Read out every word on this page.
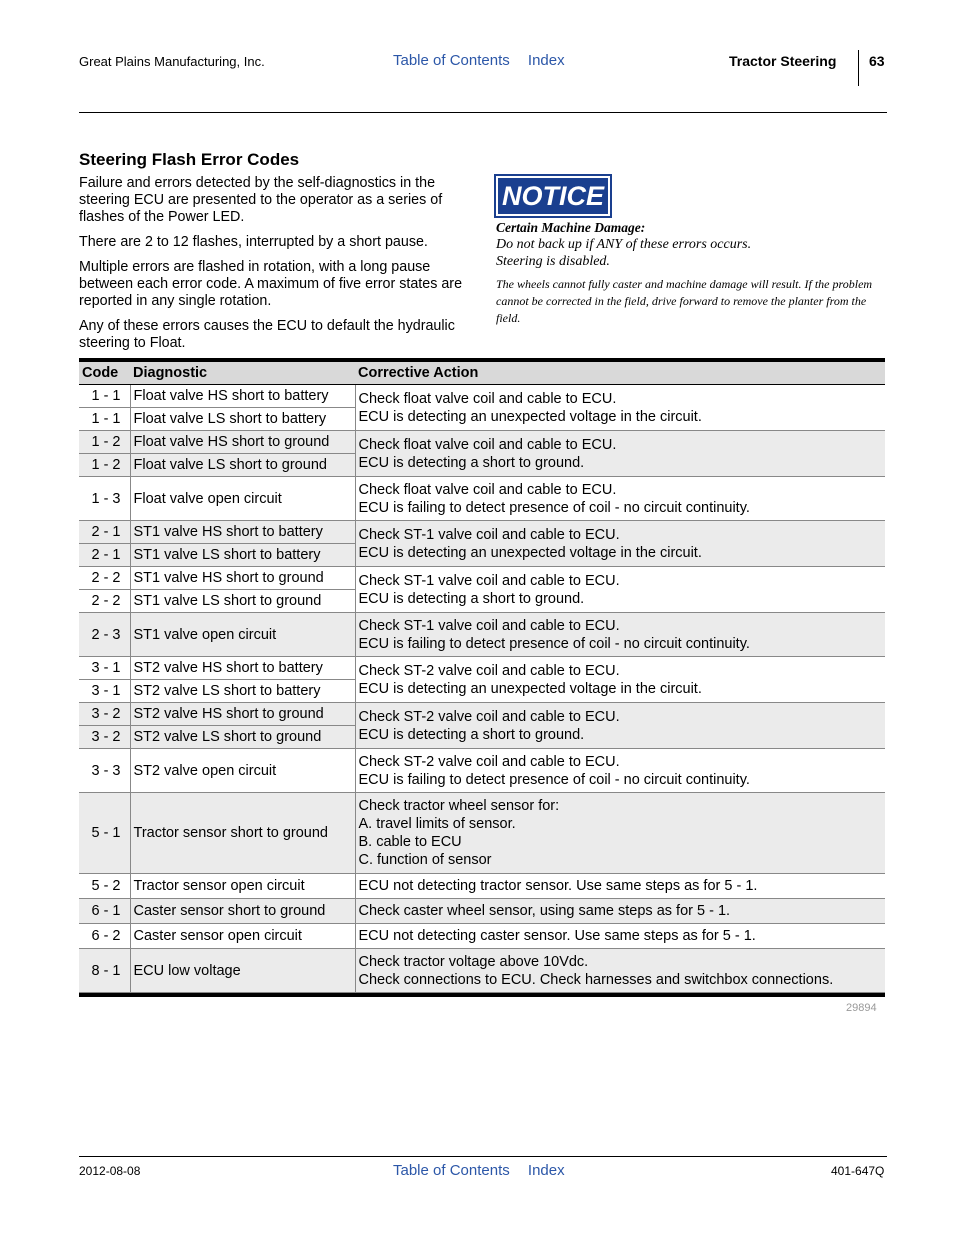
Great Plains Manufacturing, Inc.	Table of Contents Index	Tractor Steering 63
Steering Flash Error Codes

Failure and errors detected by the self-diagnostics in the steering ECU are presented to the operator as a series of flashes of the Power LED.

There are 2 to 12 flashes, interrupted by a short pause.

Multiple errors are flashed in rotation, with a long pause between each error code. A maximum of five error states are reported in any single rotation.

Any of these errors causes the ECU to default the hydraulic steering to Float.

NOTICE
Certain Machine Damage:
Do not back up if ANY of these errors occurs.
Steering is disabled.
The wheels cannot fully caster and machine damage will result. If the problem cannot be corrected in the field, drive forward to remove the planter from the field.
Code	Diagnostic	Corrective Action
1 - 1	Float valve HS short to battery	Check float valve coil and cable to ECU.
ECU is detecting an unexpected voltage in the circuit.

1 - 1	Float valve LS short to battery	
1 - 2	Float valve HS short to ground	Check float valve coil and cable to ECU.
ECU is detecting a short to ground.

1 - 2	Float valve LS short to ground	
1 - 3	Float valve open circuit	Check float valve coil and cable to ECU.
ECU is failing to detect presence of coil - no circuit continuity.

2 - 1	ST1 valve HS short to battery	Check ST-1 valve coil and cable to ECU.
ECU is detecting an unexpected voltage in the circuit.

2 - 1	ST1 valve LS short to battery	
2 - 2	ST1 valve HS short to ground	Check ST-1 valve coil and cable to ECU.
ECU is detecting a short to ground.

2 - 2	ST1 valve LS short to ground	
2 - 3	ST1 valve open circuit	Check ST-1 valve coil and cable to ECU.
ECU is failing to detect presence of coil - no circuit continuity.

3 - 1	ST2 valve HS short to battery	Check ST-2 valve coil and cable to ECU.
ECU is detecting an unexpected voltage in the circuit.

3 - 1	ST2 valve LS short to battery	
3 - 2	ST2 valve HS short to ground	Check ST-2 valve coil and cable to ECU.
ECU is detecting a short to ground.

3 - 2	ST2 valve LS short to ground	
3 - 3	ST2 valve open circuit	Check ST-2 valve coil and cable to ECU.
ECU is failing to detect presence of coil - no circuit continuity.

5 - 1	Tractor sensor short to ground	Check tractor wheel sensor for:
A. travel limits of sensor.
B. cable to ECU
C. function of sensor

5 - 2	Tractor sensor open circuit	ECU not detecting tractor sensor. Use same steps as for 5 - 1.

6 - 1	Caster sensor short to ground	Check caster wheel sensor, using same steps as for 5 - 1.

6 - 2	Caster sensor open circuit	ECU not detecting caster sensor. Use same steps as for 5 - 1.

8 - 1	ECU low voltage	Check tractor voltage above 10Vdc.
Check connections to ECU. Check harnesses and switchbox connections.
29894
2012-08-08	Table of Contents Index	401-647Q
